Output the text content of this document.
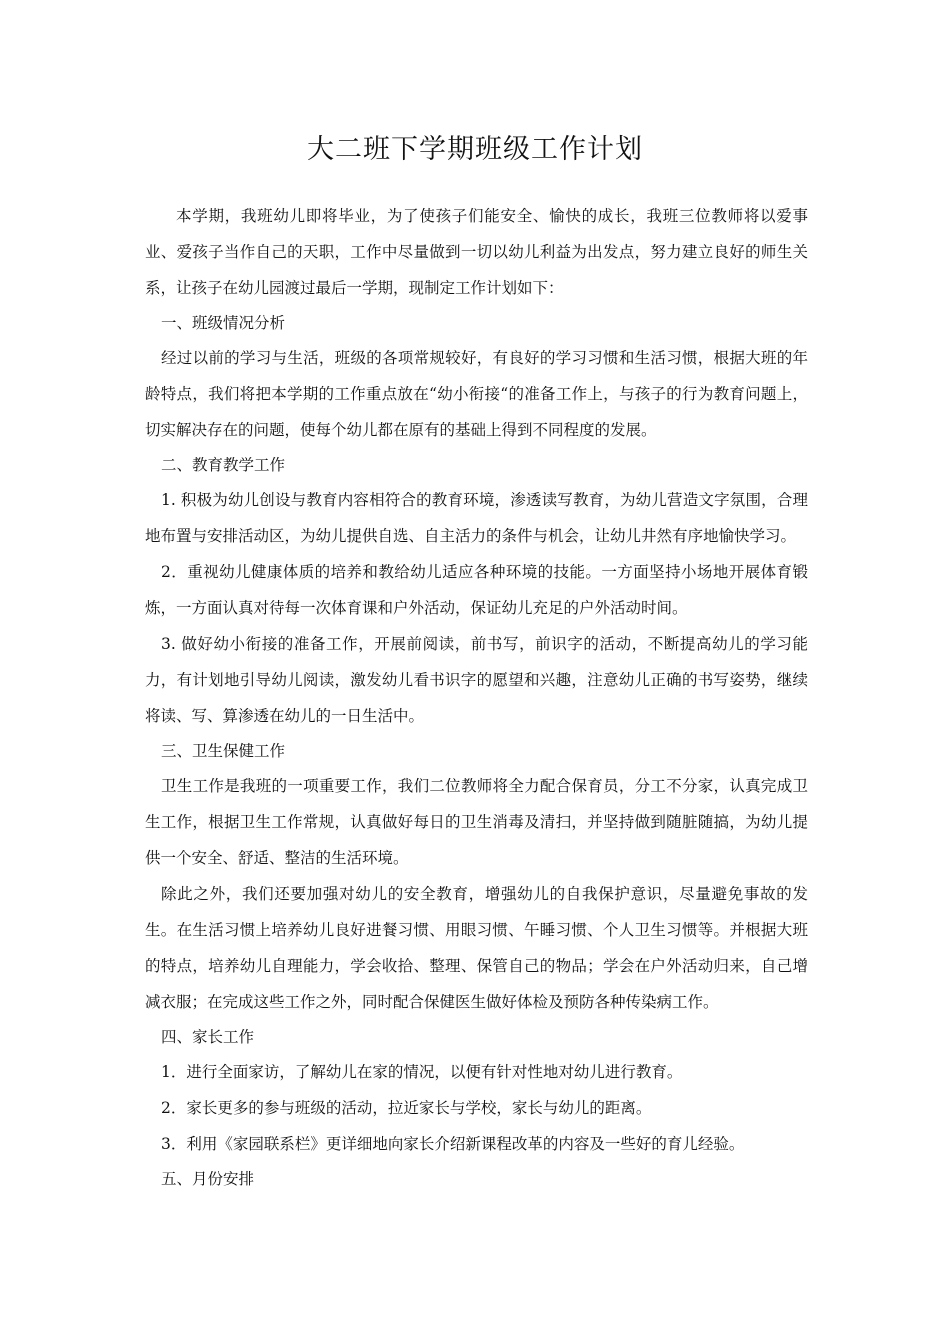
大二班下学期班级工作计划

本学期，我班幼儿即将毕业，为了使孩子们能安全、愉快的成长，我班三位教师将以爱事业、爱孩子当作自己的天职，工作中尽量做到一切以幼儿利益为出发点，努力建立良好的师生关系，让孩子在幼儿园渡过最后一学期，现制定工作计划如下：

一、班级情况分析

经过以前的学习与生活，班级的各项常规较好，有良好的学习习惯和生活习惯，根据大班的年龄特点，我们将把本学期的工作重点放在“幼小衔接“的准备工作上，与孩子的行为教育问题上，切实解决存在的问题，使每个幼儿都在原有的基础上得到不同程度的发展。

二、教育教学工作

1. 积极为幼儿创设与教育内容相符合的教育环境，渗透读写教育，为幼儿营造文字氛围，合理地布置与安排活动区，为幼儿提供自选、自主活力的条件与机会，让幼儿井然有序地愉快学习。

2．重视幼儿健康体质的培养和教给幼儿适应各种环境的技能。一方面坚持小场地开展体育锻炼，一方面认真对待每一次体育课和户外活动，保证幼儿充足的户外活动时间。

3. 做好幼小衔接的准备工作，开展前阅读，前书写，前识字的活动，不断提高幼儿的学习能力，有计划地引导幼儿阅读，激发幼儿看书识字的愿望和兴趣，注意幼儿正确的书写姿势，继续将读、写、算渗透在幼儿的一日生活中。

三、卫生保健工作

卫生工作是我班的一项重要工作，我们二位教师将全力配合保育员，分工不分家，认真完成卫生工作，根据卫生工作常规，认真做好每日的卫生消毒及清扫，并坚持做到随脏随搞，为幼儿提供一个安全、舒适、整洁的生活环境。

除此之外，我们还要加强对幼儿的安全教育，增强幼儿的自我保护意识，尽量避免事故的发生。在生活习惯上培养幼儿良好进餐习惯、用眼习惯、午睡习惯、个人卫生习惯等。并根据大班的特点，培养幼儿自理能力，学会收拾、整理、保管自己的物品；学会在户外活动归来，自己增减衣服；在完成这些工作之外，同时配合保健医生做好体检及预防各种传染病工作。

四、家长工作

1．进行全面家访，了解幼儿在家的情况，以便有针对性地对幼儿进行教育。

2．家长更多的参与班级的活动，拉近家长与学校，家长与幼儿的距离。

3．利用《家园联系栏》更详细地向家长介绍新课程改革的内容及一些好的育儿经验。

五、月份安排
